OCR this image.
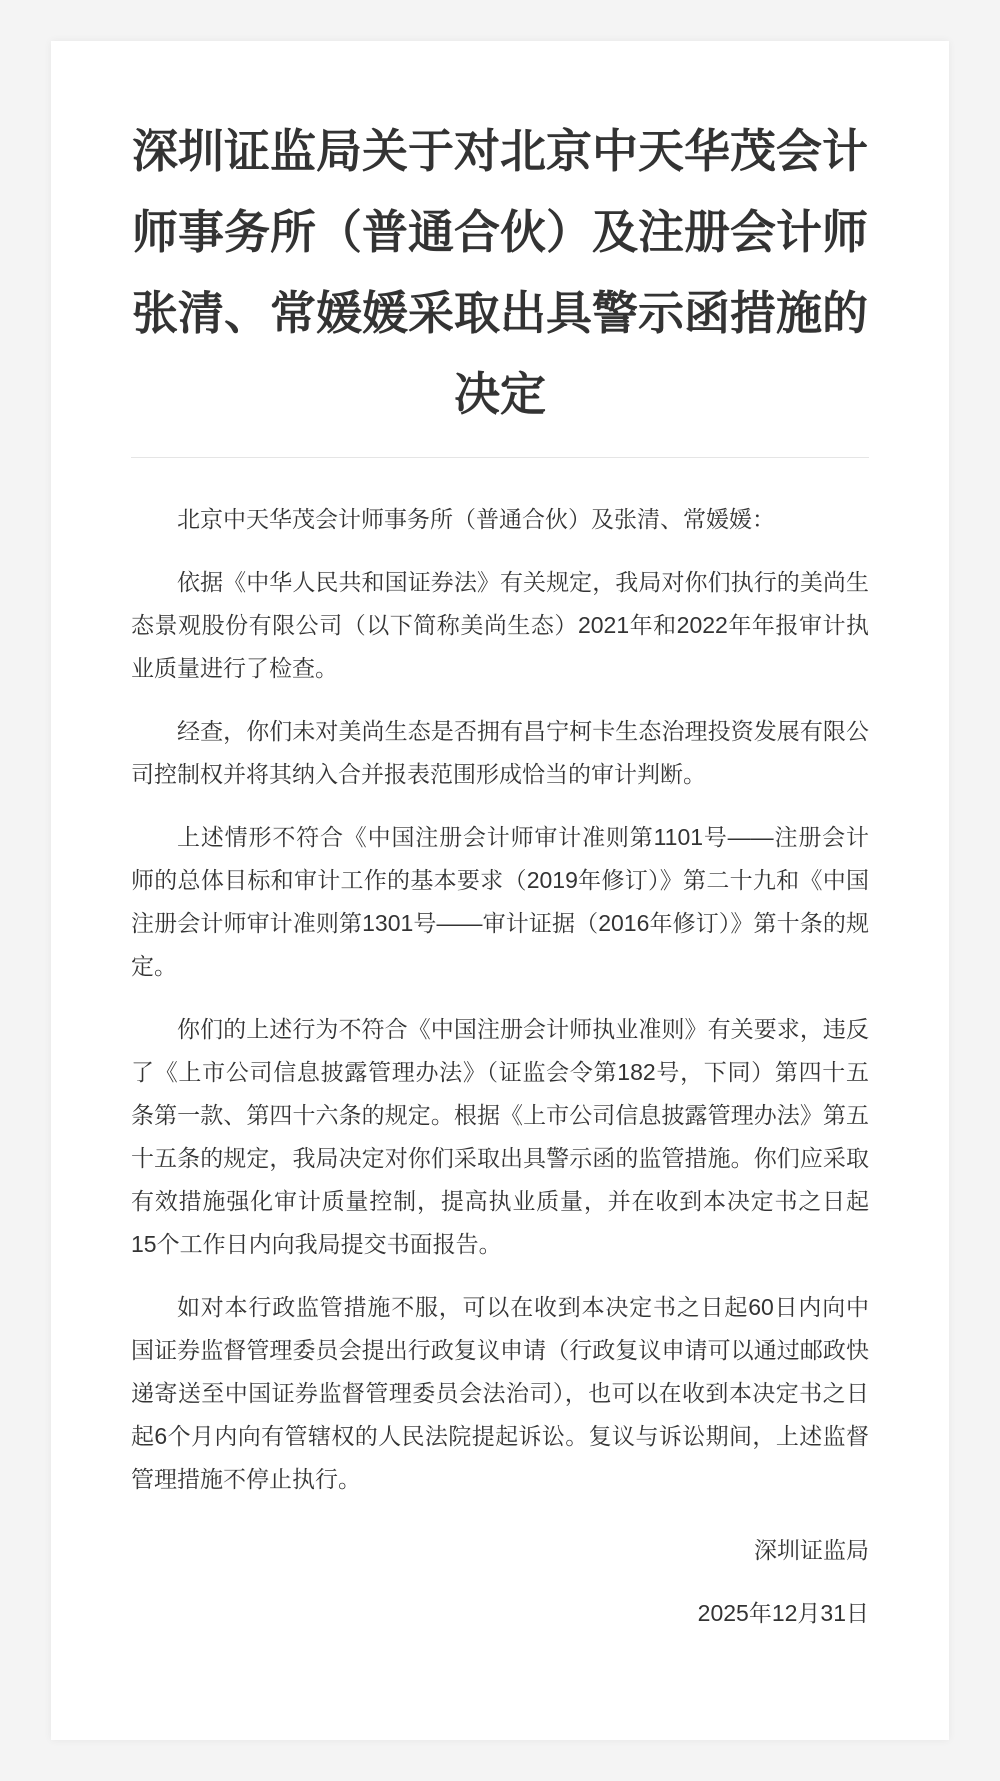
深圳证监局关于对北京中天华茂会计师事务所（普通合伙）及注册会计师张清、常媛媛采取出具警示函措施的决定

北京中天华茂会计师事务所（普通合伙）及张清、常媛媛：

依据《中华人民共和国证券法》有关规定，我局对你们执行的美尚生态景观股份有限公司（以下简称美尚生态）2021年和2022年年报审计执业质量进行了检查。

经查，你们未对美尚生态是否拥有昌宁柯卡生态治理投资发展有限公司控制权并将其纳入合并报表范围形成恰当的审计判断。

上述情形不符合《中国注册会计师审计准则第1101号——注册会计师的总体目标和审计工作的基本要求（2019年修订）》第二十九和《中国注册会计师审计准则第1301号——审计证据（2016年修订）》第十条的规定。

你们的上述行为不符合《中国注册会计师执业准则》有关要求，违反了《上市公司信息披露管理办法》（证监会令第182号，下同）第四十五条第一款、第四十六条的规定。根据《上市公司信息披露管理办法》第五十五条的规定，我局决定对你们采取出具警示函的监管措施。你们应采取有效措施强化审计质量控制，提高执业质量，并在收到本决定书之日起15个工作日内向我局提交书面报告。

如对本行政监管措施不服，可以在收到本决定书之日起60日内向中国证券监督管理委员会提出行政复议申请（行政复议申请可以通过邮政快递寄送至中国证券监督管理委员会法治司），也可以在收到本决定书之日起6个月内向有管辖权的人民法院提起诉讼。复议与诉讼期间，上述监督管理措施不停止执行。

深圳证监局
2025年12月31日
